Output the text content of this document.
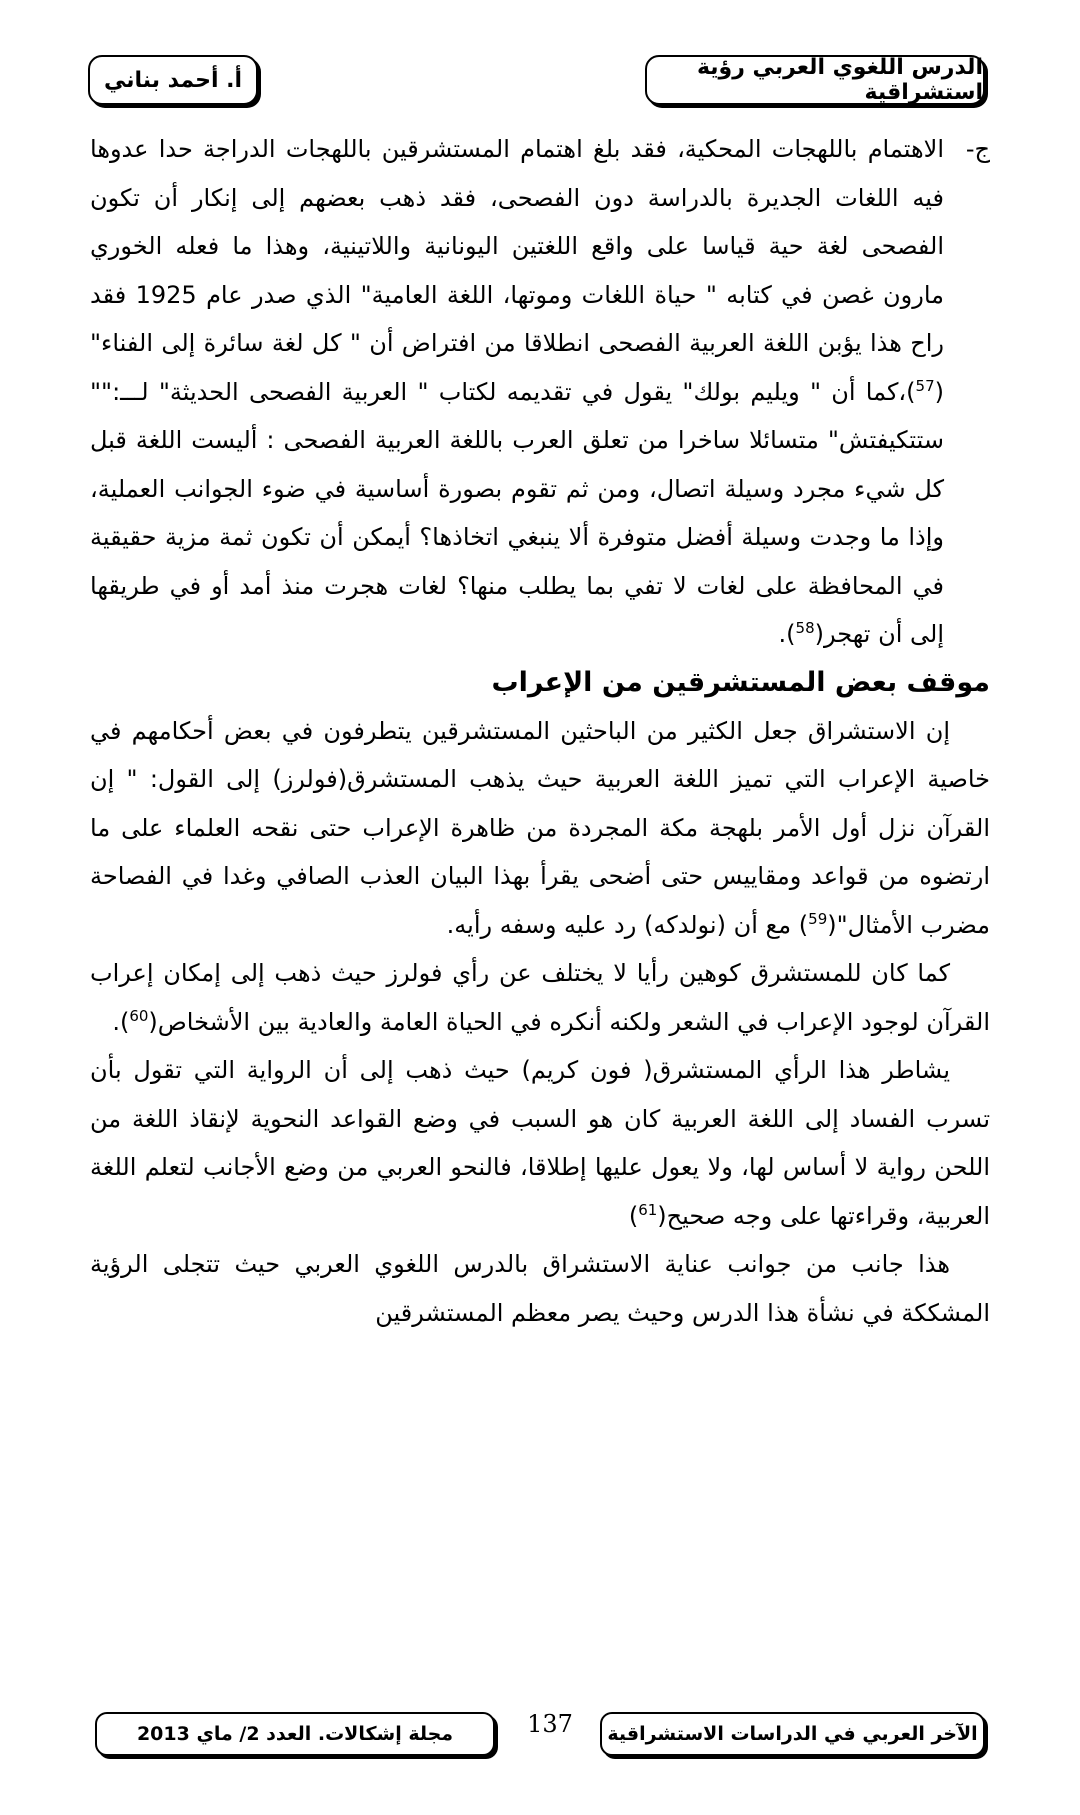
الدرس اللغوي العربي رؤية استشراقية
أ. أحمد بناني
ج-

الاهتمام باللهجات المحكية، فقد بلغ اهتمام المستشرقين باللهجات الدراجة حدا عدوها فيه اللغات الجديرة بالدراسة دون الفصحى، فقد ذهب بعضهم إلى إنكار أن تكون الفصحى لغة حية قياسا على واقع اللغتين اليونانية واللاتينية، وهذا ما فعله الخوري مارون غصن في كتابه " حياة اللغات وموتها، اللغة العامية" الذي صدر عام 1925 فقد راح هذا يؤبن اللغة العربية الفصحى انطلاقا من افتراض أن " كل لغة سائرة إلى الفناء"($^{57}$)،كما أن " ويليم بولك" يقول في تقديمه لكتاب " العربية الفصحى الحديثة" لـــ:"" ستتكيفتش" متسائلا ساخرا من تعلق العرب باللغة العربية الفصحى : أليست اللغة قبل كل شيء مجرد وسيلة اتصال، ومن ثم تقوم بصورة أساسية في ضوء الجوانب العملية، وإذا ما وجدت وسيلة أفضل متوفرة ألا ينبغي اتخاذها؟ أيمكن أن تكون ثمة مزية حقيقية في المحافظة على لغات لا تفي بما يطلب منها؟ لغات هجرت منذ أمد أو في طريقها إلى أن تهجر($^{58}$).

موقف بعض المستشرقين من الإعراب

إن الاستشراق جعل الكثير من الباحثين المستشرقين يتطرفون في بعض أحكامهم في خاصية الإعراب التي تميز اللغة العربية حيث يذهب المستشرق(فولرز) إلى القول: " إن القرآن نزل أول الأمر بلهجة مكة المجردة من ظاهرة الإعراب حتى نقحه العلماء على ما ارتضوه من قواعد ومقاييس حتى أضحى يقرأ بهذا البيان العذب الصافي وغدا في الفصاحة مضرب الأمثال"($^{59}$) مع أن (نولدكه) رد عليه وسفه رأيه.

كما كان للمستشرق كوهين رأيا لا يختلف عن رأي فولرز حيث ذهب إلى إمكان إعراب القرآن لوجود الإعراب في الشعر ولكنه أنكره في الحياة العامة والعادية بين الأشخاص($^{60}$).

يشاطر هذا الرأي المستشرق( فون كريم) حيث ذهب إلى أن الرواية التي تقول بأن تسرب الفساد إلى اللغة العربية كان هو السبب في وضع القواعد النحوية لإنقاذ اللغة من اللحن رواية لا أساس لها، ولا يعول عليها إطلاقا، فالنحو العربي من وضع الأجانب لتعلم اللغة العربية، وقراءتها على وجه صحيح($^{61}$)

هذا جانب من جوانب عناية الاستشراق بالدرس اللغوي العربي حيث تتجلى الرؤية المشككة في نشأة هذا الدرس وحيث يصر معظم المستشرقين

الآخر العربي في الدراسات الاستشراقية
137
مجلة إشكالات. العدد 2/ ماي 2013
